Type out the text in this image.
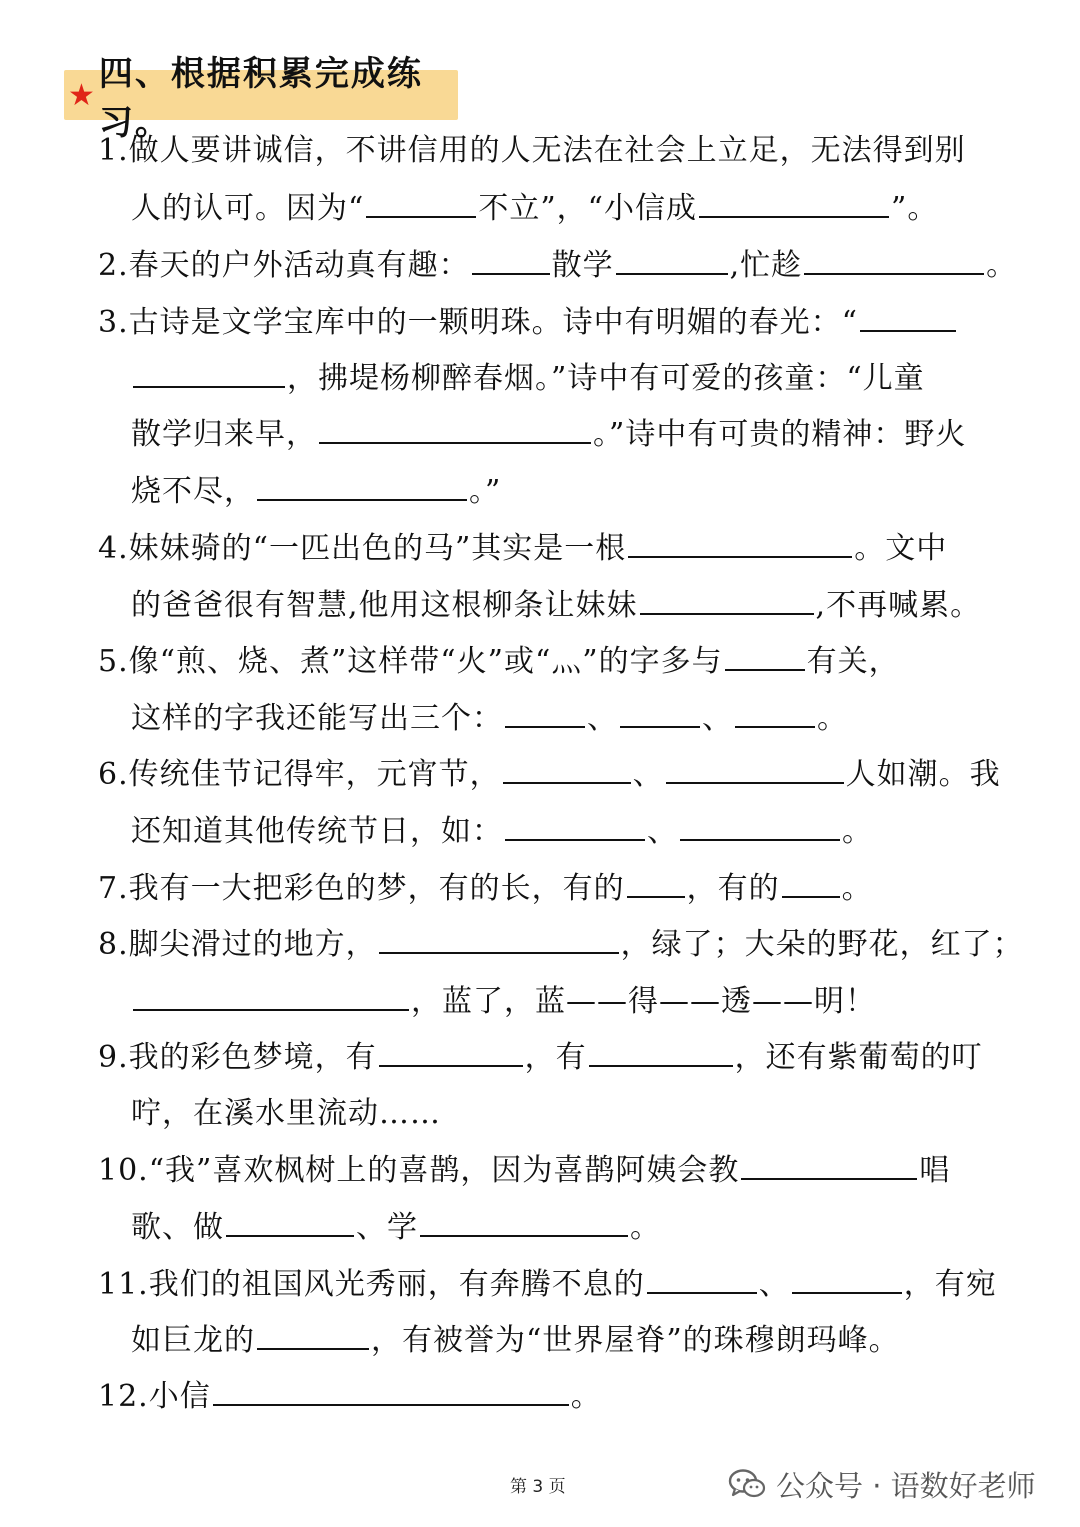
★
四、根据积累完成练习。
1.做人要讲诚信，不讲信用的人无法在社会上立足，无法得到别
人的认可。因为“	不立”，“小信成	”。
2.春天的户外活动真有趣：	散学	,忙趁	。
3.古诗是文学宝库中的一颗明珠。诗中有明媚的春光：“
，拂堤杨柳醉春烟。”诗中有可爱的孩童：“儿童
散学归来早，	。”诗中有可贵的精神：野火
烧不尽，	。”
4.妹妹骑的“一匹出色的马”其实是一根	。文中
的爸爸很有智慧,他用这根柳条让妹妹	,不再喊累。
5.像“煎、烧、煮”这样带“火”或“灬”的字多与	有关，
这样的字我还能写出三个：	、	、	。
6.传统佳节记得牢，元宵节，	、	人如潮。我
还知道其他传统节日，如：	、	。
7.我有一大把彩色的梦，有的长，有的 ，有的 。
8.脚尖滑过的地方，	，绿了；大朵的野花，红了；
，蓝了，蓝——得——透——明！
9.我的彩色梦境，有	，有	，还有紫葡萄的叮
咛，在溪水里流动……
10.“我”喜欢枫树上的喜鹊，因为喜鹊阿姨会教	唱
歌、做	、学	。
11.我们的祖国风光秀丽，有奔腾不息的	、	，有宛
如巨龙的	，有被誉为“世界屋脊”的珠穆朗玛峰。
12.小信	。
第 3 页	公众号 · 语数好老师
